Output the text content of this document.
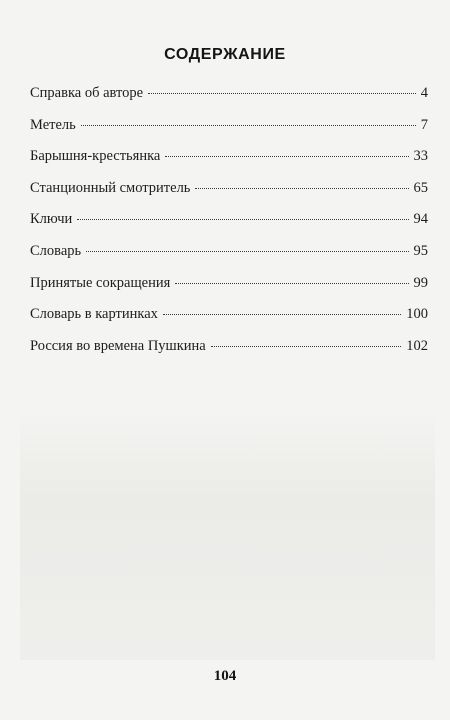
СОДЕРЖАНИЕ
Справка об авторе	4
Метель	7
Барышня-крестьянка	33
Станционный смотритель	65
Ключи	94
Словарь	95
Принятые сокращения	99
Словарь в картинках	100
Россия во времена Пушкина	102
104
